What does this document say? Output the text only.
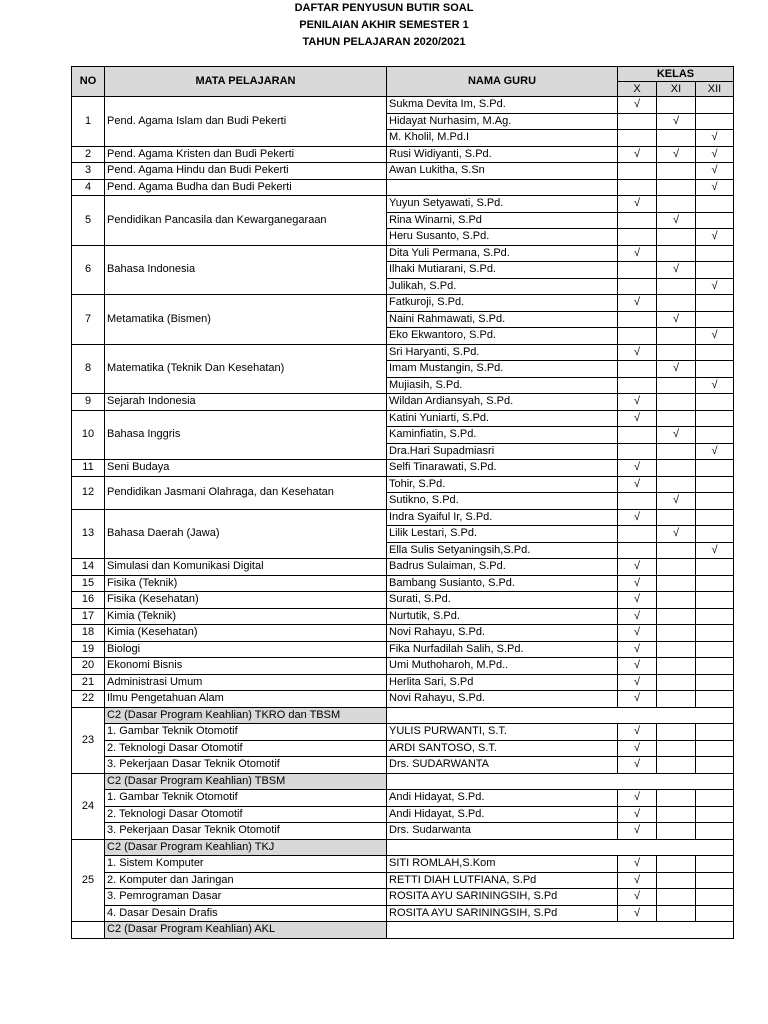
DAFTAR PENYUSUN BUTIR SOAL
PENILAIAN AKHIR SEMESTER 1
TAHUN PELAJARAN 2020/2021
NO	MATA PELAJARAN	NAMA GURU	KELAS		
			X	XI	XII
1	Pend. Agama Islam dan Budi Pekerti	Sukma Devita Im, S.Pd.	√		
		Hidayat Nurhasim, M.Ag.		√	
		M. Kholil, M.Pd.I			√
2	Pend. Agama Kristen dan Budi Pekerti	Rusi Widiyanti, S.Pd.	√	√	√
3	Pend. Agama Hindu dan Budi Pekerti	Awan Lukitha, S.Sn			√
4	Pend. Agama Budha dan Budi Pekerti				√
5	Pendidikan Pancasila dan Kewarganegaraan	Yuyun Setyawati, S.Pd.	√		
		Rina Winarni, S.Pd		√	
		Heru Susanto, S.Pd.			√
6	Bahasa Indonesia	Dita Yuli Permana, S.Pd.	√		
		Ilhaki Mutiarani, S.Pd.		√	
		Julikah, S.Pd.			√
7	Metamatika (Bismen)	Fatkuroji, S.Pd.	√		
		Naini Rahmawati, S.Pd.		√	
		Eko Ekwantoro, S.Pd.			√
8	Matematika (Teknik Dan Kesehatan)	Sri Haryanti, S.Pd.	√		
		Imam Mustangin, S.Pd.		√	
		Mujiasih, S.Pd.			√
9	Sejarah Indonesia	Wildan Ardiansyah, S.Pd.	√		
10	Bahasa Inggris	Katini Yuniarti, S.Pd.	√		
		Kaminfiatin, S.Pd.		√	
		Dra.Hari Supadmiasri			√
11	Seni Budaya	Selfi Tinarawati, S.Pd.	√		
12	Pendidikan Jasmani Olahraga, dan Kesehatan	Tohir, S.Pd.	√		
		Sutikno, S.Pd.		√	
13	Bahasa Daerah (Jawa)	Indra Syaiful Ir, S.Pd.	√		
		Lilik Lestari, S.Pd.		√	
		Ella Sulis Setyaningsih,S.Pd.			√
14	Simulasi dan Komunikasi Digital	Badrus Sulaiman, S.Pd.	√		
15	Fisika (Teknik)	Bambang Susianto, S.Pd.	√		
16	Fisika (Kesehatan)	Surati, S.Pd.	√		
17	Kimia (Teknik)	Nurtutik, S.Pd.	√		
18	Kimia (Kesehatan)	Novi Rahayu, S.Pd.	√		
19	Biologi	Fika Nurfadilah Salih, S.Pd.	√		
20	Ekonomi Bisnis	Umi Muthoharoh, M.Pd..	√		
21	Administrasi Umum	Herlita Sari, S.Pd	√		
22	Ilmu Pengetahuan Alam	Novi Rahayu, S.Pd.	√		
23	C2 (Dasar Program Keahlian) TKRO dan TBSM				
	1. Gambar Teknik Otomotif	YULIS PURWANTI, S.T.	√		
	2. Teknologi Dasar Otomotif	ARDI SANTOSO, S.T.	√		
	3. Pekerjaan Dasar Teknik Otomotif	Drs. SUDARWANTA	√		
24	C2 (Dasar Program Keahlian) TBSM				
	1. Gambar Teknik Otomotif	Andi Hidayat, S.Pd.	√		
	2. Teknologi Dasar Otomotif	Andi Hidayat, S.Pd.	√		
	3. Pekerjaan Dasar Teknik Otomotif	Drs. Sudarwanta	√		
25	C2 (Dasar Program Keahlian) TKJ				
	1. Sistem Komputer	SITI ROMLAH,S.Kom	√		
	2. Komputer dan Jaringan	RETTI DIAH LUTFIANA, S.Pd	√		
	3. Pemrograman Dasar	ROSITA AYU SARININGSIH, S.Pd	√		
	4. Dasar Desain Drafis	ROSITA AYU SARININGSIH, S.Pd	√		
	C2 (Dasar Program Keahlian) AKL				
